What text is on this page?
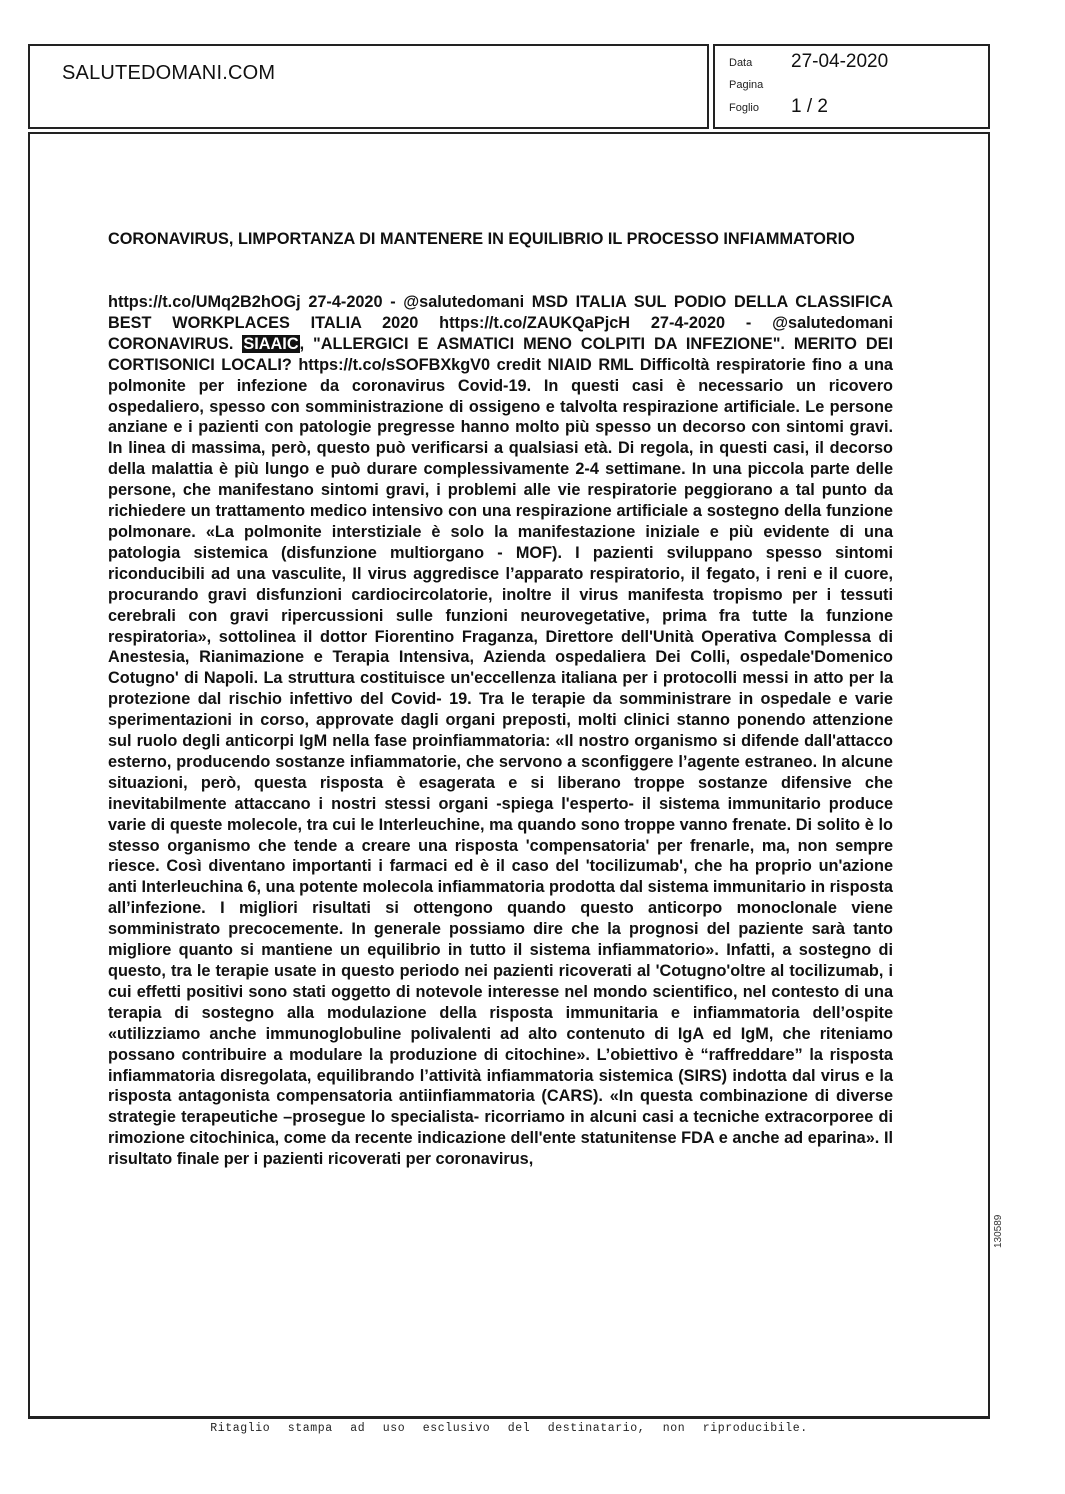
SALUTEDOMANI.COM	Data 27-04-2020
Pagina
Foglio 1 / 2
CORONAVIRUS, LIMPORTANZA DI MANTENERE IN EQUILIBRIO IL PROCESSO INFIAMMATORIO
https://t.co/UMq2B2hOGj 27-4-2020 - @salutedomani MSD ITALIA SUL PODIO DELLA CLASSIFICA BEST WORKPLACES ITALIA 2020 https://t.co/ZAUKQaPjcH 27-4-2020 - @salutedomani CORONAVIRUS. SIAAIC, "ALLERGICI E ASMATICI MENO COLPITI DA INFEZIONE". MERITO DEI CORTISONICI LOCALI? https://t.co/sSOFBXkgV0 credit NIAID RML Difficoltà respiratorie fino a una polmonite per infezione da coronavirus Covid-19. In questi casi è necessario un ricovero ospedaliero, spesso con somministrazione di ossigeno e talvolta respirazione artificiale. Le persone anziane e i pazienti con patologie pregresse hanno molto più spesso un decorso con sintomi gravi. In linea di massima, però, questo può verificarsi a qualsiasi età. Di regola, in questi casi, il decorso della malattia è più lungo e può durare complessivamente 2-4 settimane. In una piccola parte delle persone, che manifestano sintomi gravi, i problemi alle vie respiratorie peggiorano a tal punto da richiedere un trattamento medico intensivo con una respirazione artificiale a sostegno della funzione polmonare. «La polmonite interstiziale è solo la manifestazione iniziale e più evidente di una patologia sistemica (disfunzione multiorgano - MOF). I pazienti sviluppano spesso sintomi riconducibili ad una vasculite, Il virus aggredisce l’apparato respiratorio, il fegato, i reni e il cuore, procurando gravi disfunzioni cardiocircolatorie, inoltre il virus manifesta tropismo per i tessuti cerebrali con gravi ripercussioni sulle funzioni neurovegetative, prima fra tutte la funzione respiratoria», sottolinea il dottor Fiorentino Fraganza, Direttore dell'Unità Operativa Complessa di Anestesia, Rianimazione e Terapia Intensiva, Azienda ospedaliera Dei Colli, ospedale'Domenico Cotugno' di Napoli. La struttura costituisce un'eccellenza italiana per i protocolli messi in atto per la protezione dal rischio infettivo del Covid- 19. Tra le terapie da somministrare in ospedale e varie sperimentazioni in corso, approvate dagli organi preposti, molti clinici stanno ponendo attenzione sul ruolo degli anticorpi IgM nella fase proinfiammatoria: «Il nostro organismo si difende dall'attacco esterno, producendo sostanze infiammatorie, che servono a sconfiggere l’agente estraneo. In alcune situazioni, però, questa risposta è esagerata e si liberano troppe sostanze difensive che inevitabilmente attaccano i nostri stessi organi -spiega l'esperto- il sistema immunitario produce varie di queste molecole, tra cui le Interleuchine, ma quando sono troppe vanno frenate. Di solito è lo stesso organismo che tende a creare una risposta 'compensatoria' per frenarle, ma, non sempre riesce. Così diventano importanti i farmaci ed è il caso del 'tocilizumab', che ha proprio un'azione anti Interleuchina 6, una potente molecola infiammatoria prodotta dal sistema immunitario in risposta all’infezione. I migliori risultati si ottengono quando questo anticorpo monoclonale viene somministrato precocemente. In generale possiamo dire che la prognosi del paziente sarà tanto migliore quanto si mantiene un equilibrio in tutto il sistema infiammatorio». Infatti, a sostegno di questo, tra le terapie usate in questo periodo nei pazienti ricoverati al 'Cotugno'oltre al tocilizumab, i cui effetti positivi sono stati oggetto di notevole interesse nel mondo scientifico, nel contesto di una terapia di sostegno alla modulazione della risposta immunitaria e infiammatoria dell’ospite «utilizziamo anche immunoglobuline polivalenti ad alto contenuto di IgA ed IgM, che riteniamo possano contribuire a modulare la produzione di citochine». L’obiettivo è “raffreddare” la risposta infiammatoria disregolata, equilibrando l’attività infiammatoria sistemica (SIRS) indotta dal virus e la risposta antagonista compensatoria antiinfiammatoria (CARS). «In questa combinazione di diverse strategie terapeutiche –prosegue lo specialista- ricorriamo in alcuni casi a tecniche extracorporee di rimozione citochinica, come da recente indicazione dell'ente statunitense FDA e anche ad eparina». Il risultato finale per i pazienti ricoverati per coronavirus,
130589
Ritaglio stampa ad uso esclusivo del destinatario, non riproducibile.
